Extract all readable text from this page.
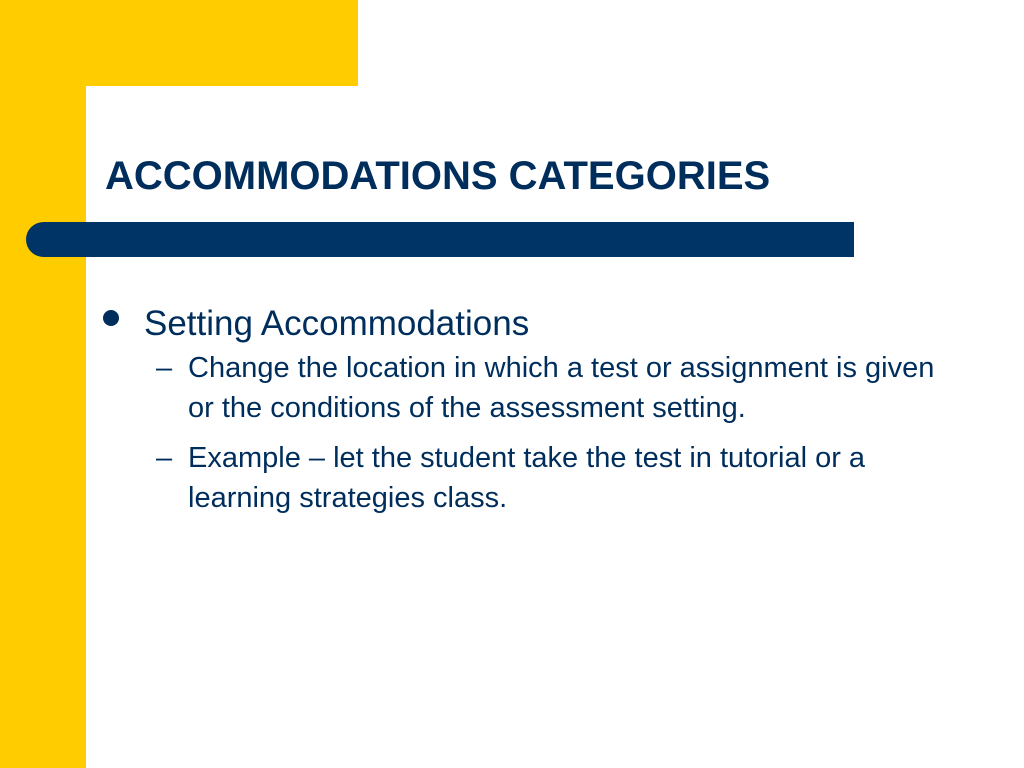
ACCOMMODATIONS CATEGORIES
Setting Accommodations
– Change the location in which a test or assignment is given or the conditions of the assessment setting.
– Example – let the student take the test in tutorial or a learning strategies class.
